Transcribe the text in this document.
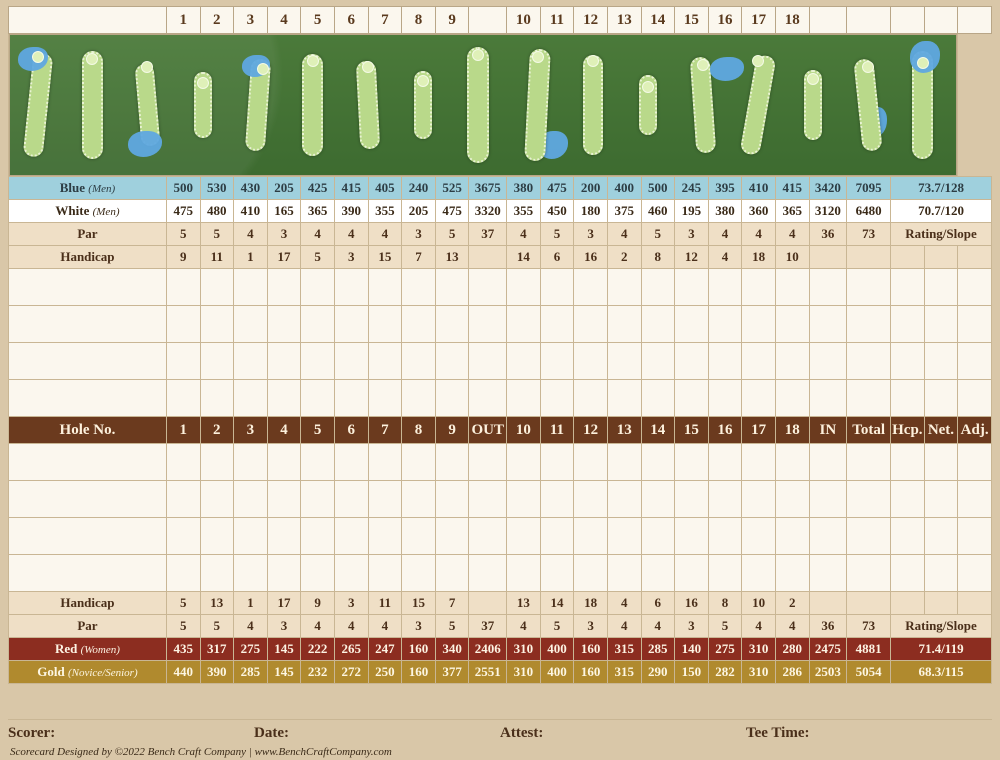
	1	2	3	4	5	6	7	8	9		10	11	12	13	14	15	16	17	18					

Blue (Men)	500	530	430	205	425	415	405	240	525	3675	380	475	200	400	500	245	395	410	415	3420	7095	73.7/128		
White (Men)	475	480	410	165	365	390	355	205	475	3320	355	450	180	375	460	195	380	360	365	3120	6480	70.7/120		
Par	5	5	4	3	4	4	4	3	5	37	4	5	3	4	5	3	4	4	4	36	73	Rating/Slope		
Handicap	9	11	1	17	5	3	15	7	13		14	6	16	2	8	12	4	18	10					

Hole No.	1	2	3	4	5	6	7	8	9	OUT	10	11	12	13	14	15	16	17	18	IN	Total	Hcp.	Net.	Adj.

Handicap	5	13	1	17	9	3	11	15	7		13	14	18	4	6	16	8	10	2					
Par	5	5	4	3	4	4	4	3	5	37	4	5	3	4	4	3	5	4	4	36	73	Rating/Slope		
Red (Women)	435	317	275	145	222	265	247	160	340	2406	310	400	160	315	285	140	275	310	280	2475	4881	71.4/119		
Gold (Novice/Senior)	440	390	285	145	232	272	250	160	377	2551	310	400	160	315	290	150	282	310	286	2503	5054	68.3/115		
Scorer:	Date:	Attest:	Tee Time:
Scorecard Designed by ©2022 Bench Craft Company | www.BenchCraftCompany.com
